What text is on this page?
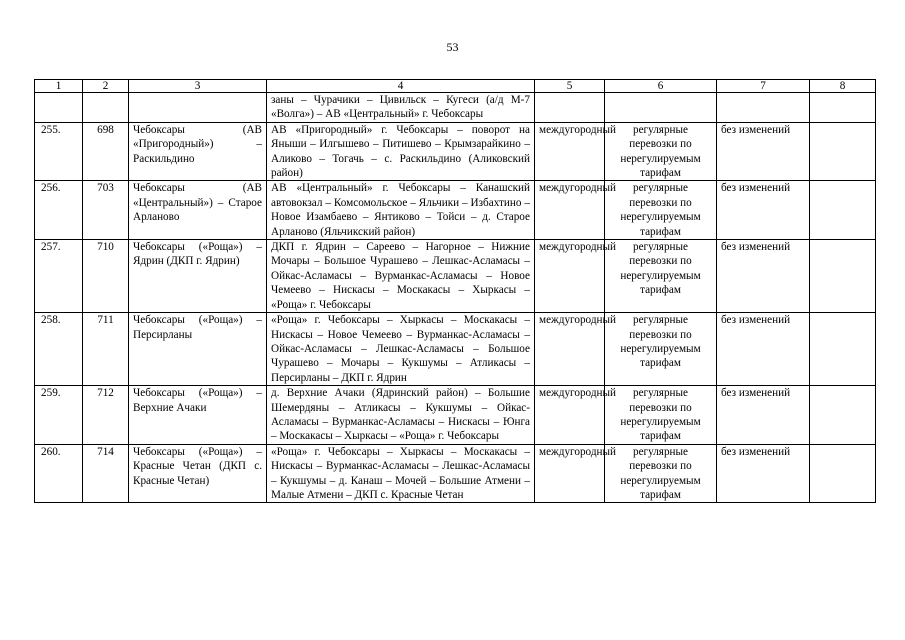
53
1	2	3	4	5	6	7	8
			заны – Чурачики – Цивильск – Кугеси (а/д М-7 «Волга») – АВ «Центральный» г. Чебоксары				
255.	698	Чебоксары (АВ «Пригородный») – Раскильдино	АВ «Пригородный» г. Чебоксары – поворот на Яныши – Илгышево – Питишево – Крымзарайкино – Аликово – Тогачь – с. Раскильдино (Аликовский район)	междугородный	регулярные перевозки по нерегулируемым тарифам	без изменений	
256.	703	Чебоксары (АВ «Центральный») – Старое Арланово	АВ «Центральный» г. Чебоксары – Канашский автовокзал – Комсомольское – Яльчики – Избахтино – Новое Изамбаево – Янтиково – Тойси – д. Старое Арланово (Яльчикский район)	междугородный	регулярные перевозки по нерегулируемым тарифам	без изменений	
257.	710	Чебоксары («Роща») – Ядрин (ДКП г. Ядрин)	ДКП г. Ядрин – Сареево – Нагорное – Нижние Мочары – Большое Чурашево – Лешкас-Асламасы – Ойкас-Асламасы – Вурманкас-Асламасы – Новое Чемеево – Нискасы – Москакасы – Хыркасы – «Роща» г. Чебоксары	междугородный	регулярные перевозки по нерегулируемым тарифам	без изменений	
258.	711	Чебоксары («Роща») – Персирланы	«Роща» г. Чебоксары – Хыркасы – Москакасы – Нискасы – Новое Чемеево – Вурманкас-Асламасы – Ойкас-Асламасы – Лешкас-Асламасы – Большое Чурашево – Мочары – Кукшумы – Атликасы – Персирланы – ДКП г. Ядрин	междугородный	регулярные перевозки по нерегулируемым тарифам	без изменений	
259.	712	Чебоксары («Роща») – Верхние Ачаки	д. Верхние Ачаки (Ядринский район) – Большие Шемердяны – Атликасы – Кукшумы – Ойкас-Асламасы – Вурманкас-Асламасы – Нискасы – Юнга – Москакасы – Хыркасы – «Роща» г. Чебоксары	междугородный	регулярные перевозки по нерегулируемым тарифам	без изменений	
260.	714	Чебоксары («Роща») – Красные Четан (ДКП с. Красные Четан)	«Роща» г. Чебоксары – Хыркасы – Москакасы – Нискасы – Вурманкас-Асламасы – Лешкас-Асламасы – Кукшумы – д. Канаш – Мочей – Большие Атмени – Малые Атмени – ДКП с. Красные Четан	междугородный	регулярные перевозки по нерегулируемым тарифам	без изменений	
